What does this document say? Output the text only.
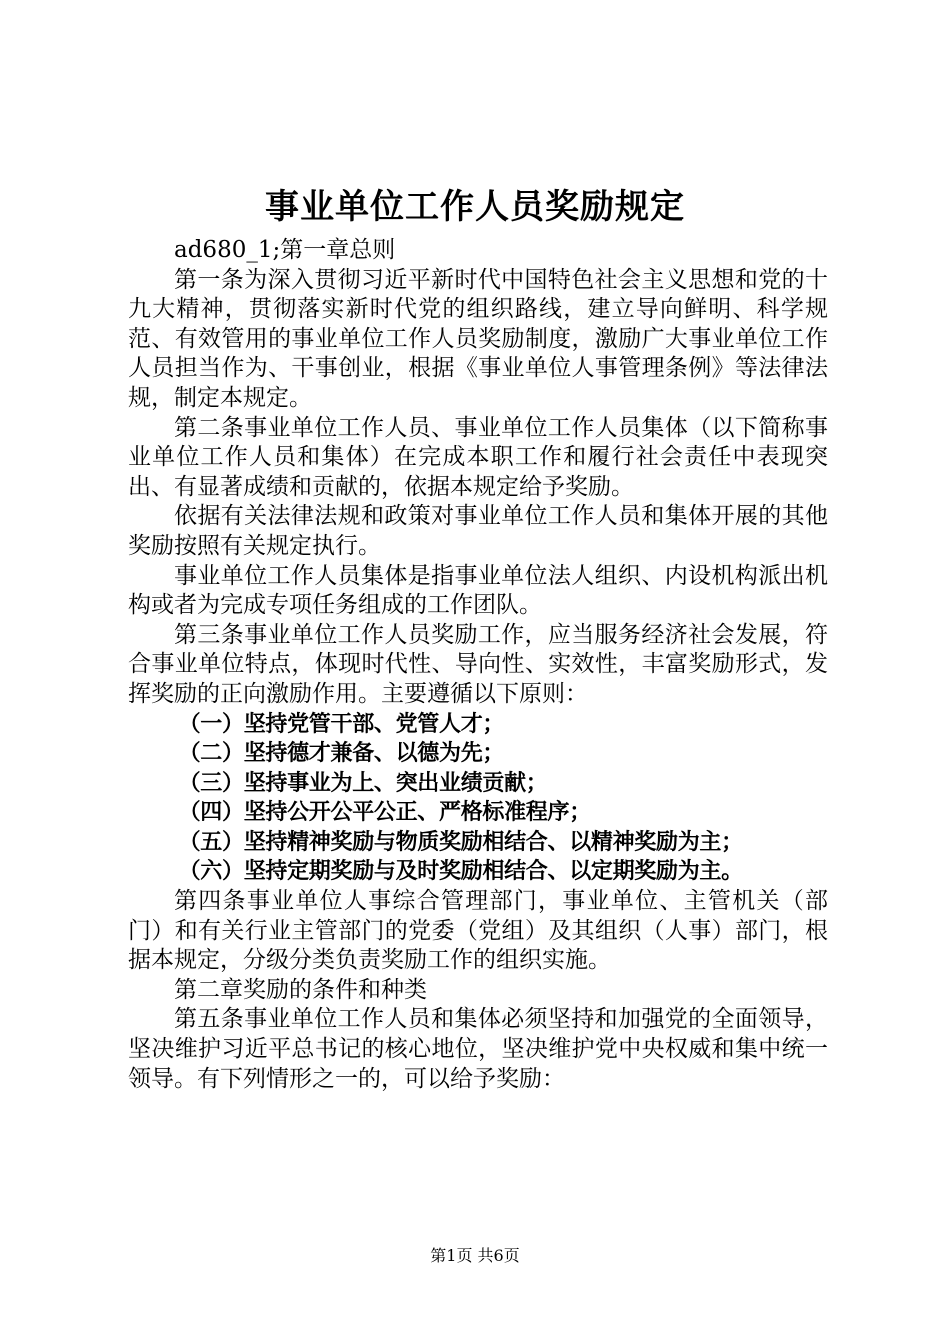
事业单位工作人员奖励规定

ad680_1;第一章总则

第一条为深入贯彻习近平新时代中国特色社会主义思想和党的十九大精神，贯彻落实新时代党的组织路线，建立导向鲜明、科学规范、有效管用的事业单位工作人员奖励制度，激励广大事业单位工作人员担当作为、干事创业，根据《事业单位人事管理条例》等法律法规，制定本规定。

第二条事业单位工作人员、事业单位工作人员集体（以下简称事业单位工作人员和集体）在完成本职工作和履行社会责任中表现突出、有显著成绩和贡献的，依据本规定给予奖励。

依据有关法律法规和政策对事业单位工作人员和集体开展的其他奖励按照有关规定执行。

事业单位工作人员集体是指事业单位法人组织、内设机构派出机构或者为完成专项任务组成的工作团队。

第三条事业单位工作人员奖励工作，应当服务经济社会发展，符合事业单位特点，体现时代性、导向性、实效性，丰富奖励形式，发挥奖励的正向激励作用。主要遵循以下原则：

（一）坚持党管干部、党管人才；

（二）坚持德才兼备、以德为先；

（三）坚持事业为上、突出业绩贡献；

（四）坚持公开公平公正、严格标准程序；

（五）坚持精神奖励与物质奖励相结合、以精神奖励为主；

（六）坚持定期奖励与及时奖励相结合、以定期奖励为主。

第四条事业单位人事综合管理部门，事业单位、主管机关（部门）和有关行业主管部门的党委（党组）及其组织（人事）部门，根据本规定，分级分类负责奖励工作的组织实施。

第二章奖励的条件和种类

第五条事业单位工作人员和集体必须坚持和加强党的全面领导，坚决维护习近平总书记的核心地位，坚决维护党中央权威和集中统一领导。有下列情形之一的，可以给予奖励：

第1页 共6页
